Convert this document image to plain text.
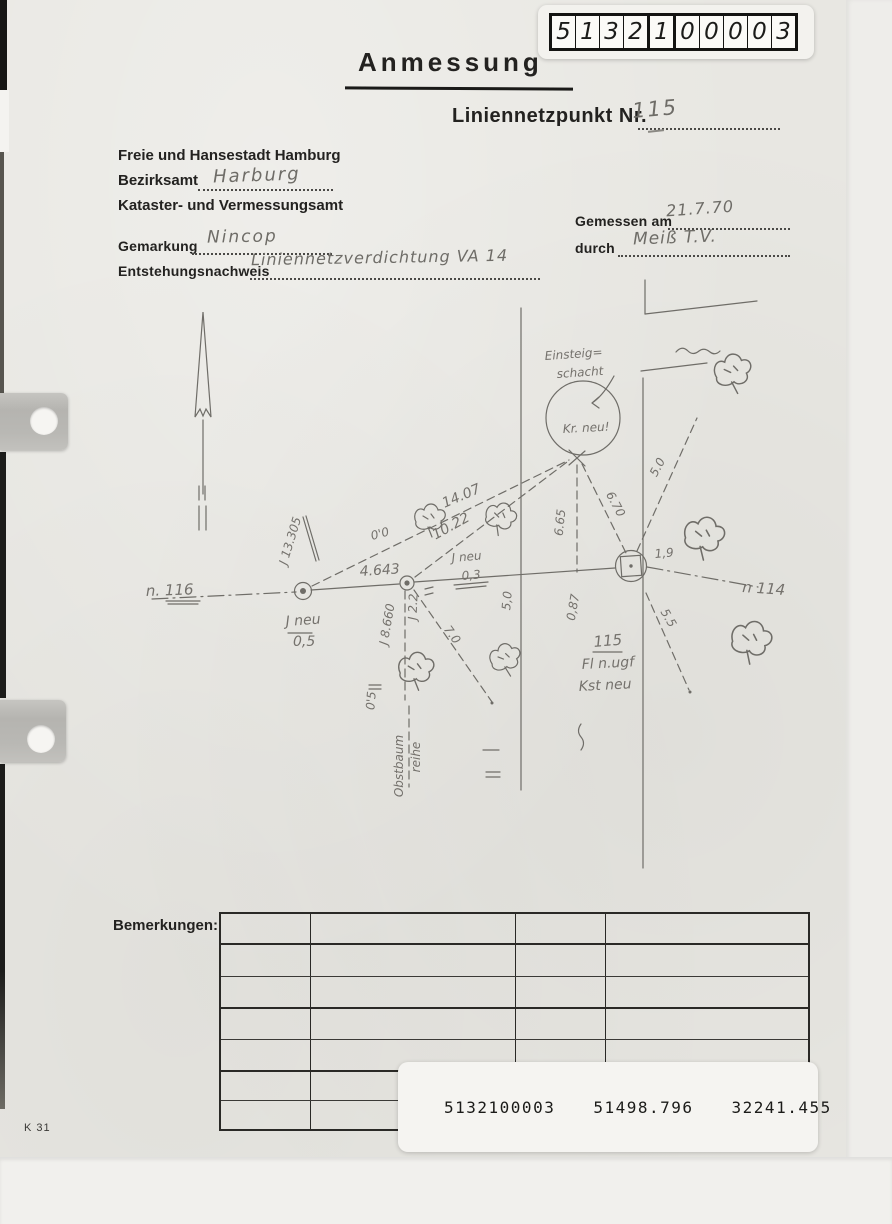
5 1 3 2 1 0 0 0 0 3
Anmessung
Liniennetzpunkt Nr.
115
Freie und Hansestadt Hamburg
Bezirksamt Harburg
Kataster- und Vermessungsamt
Gemessen am
21.7.70
durch Meiß T.V.
Gemarkung Nincop
Entstehungsnachweis
Liniennetzverdichtung VA 14
n. 116
J neu
0,5
J 13.305
4.643
0'0
14.07
10.22
J neu
0,3
J 2.2
J 8.660	7.0
0'5
Obstbaum reihe
5,0
6.65
0,87
Einsteig=
schacht
Kr. neu!
6.70
5.0
1,9
n 114
5.5
115
Fl n.ugf
Kst neu
Bemerkungen:
5132100003 51498.796 32241.455
K 31
